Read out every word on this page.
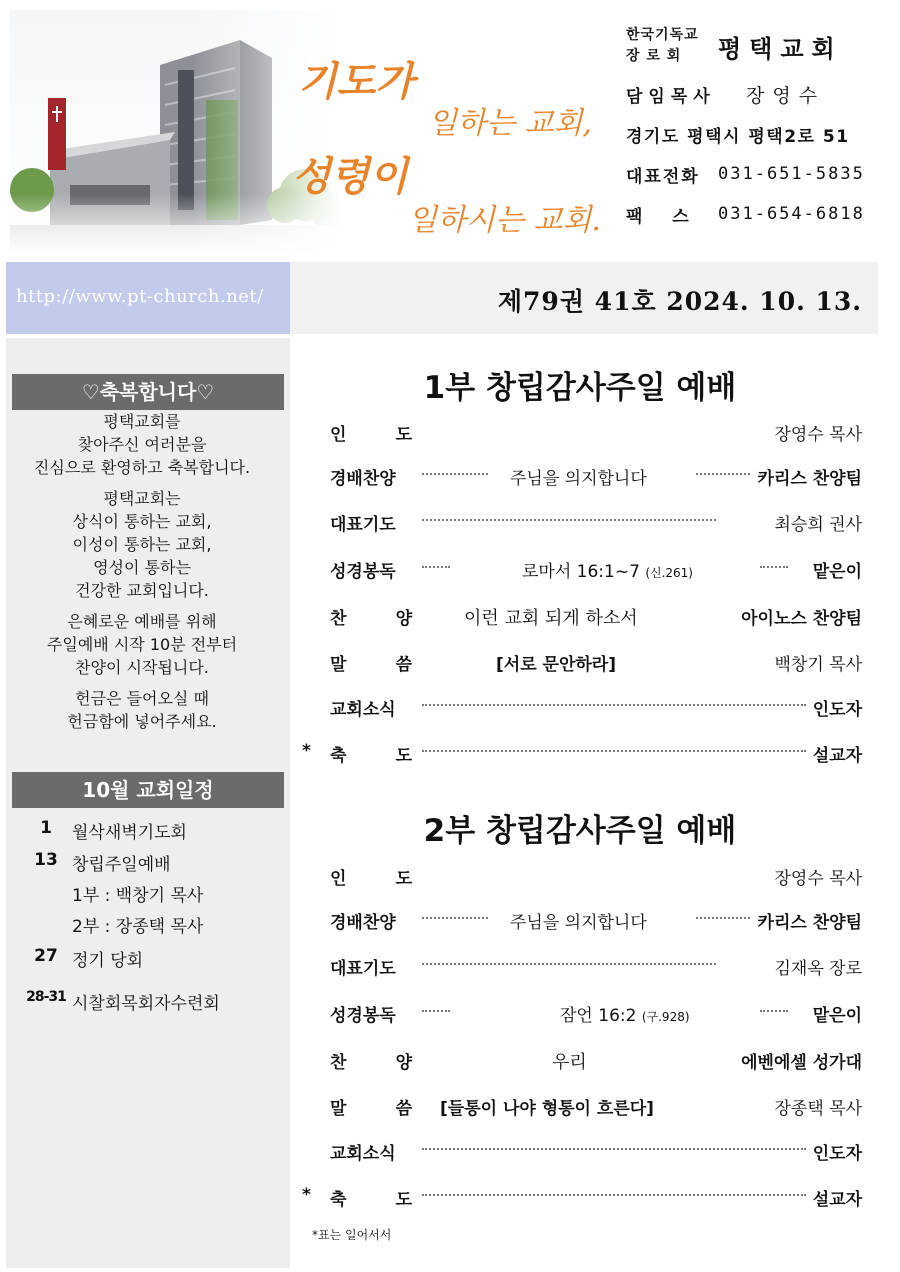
기도가
일하는 교회,
성령이
일하시는 교회.
한국기독교
장 로 회	평택교회
담임목사	장영수
경기도 평택시 평택2로 51
대표전화	031-651-5835
팩  스	031-654-6818
http://www.pt-church.net/	제79권 41호 2024. 10. 13.
♡축복합니다♡
10월 교회일정

평택교회를
찾아주신 여러분을
진심으로 환영하고 축복합니다.

평택교회는
상식이 통하는 교회,
이성이 통하는 교회,
영성이 통하는
건강한 교회입니다.

은혜로운 예배를 위해
주일예배 시작 10분 전부터
찬양이 시작됩니다.

헌금은 들어오실 때
헌금함에 넣어주세요.

1	월삭새벽기도회
13 창립주일예배
1부 : 백창기 목사
2부 : 장종택 목사
27 정기 당회
28-31 시찰회목회자수련회
1부 창립감사주일 예배
인	도	장영수 목사
경배찬양	주님을 의지합니다	카리스 찬양팀
대표기도	최승희 권사
성경봉독	로마서 16:1~7 (신.261)	맡은이
찬	양	이런 교회 되게 하소서	아이노스 찬양팀
말	씀	[서로 문안하라]	백창기 목사
교회소식	인도자
* 축	도	설교자
2부 창립감사주일 예배
인	도	장영수 목사
경배찬양	주님을 의지합니다	카리스 찬양팀
대표기도	김재옥 장로
성경봉독	잠언 16:2 (구.928)	맡은이
찬	양	우리	에벤에셀 성가대
말	씀 [들통이 나야 형통이 흐른다]	장종택 목사
교회소식	인도자
* 축	도	설교자
*표는 일어서서
